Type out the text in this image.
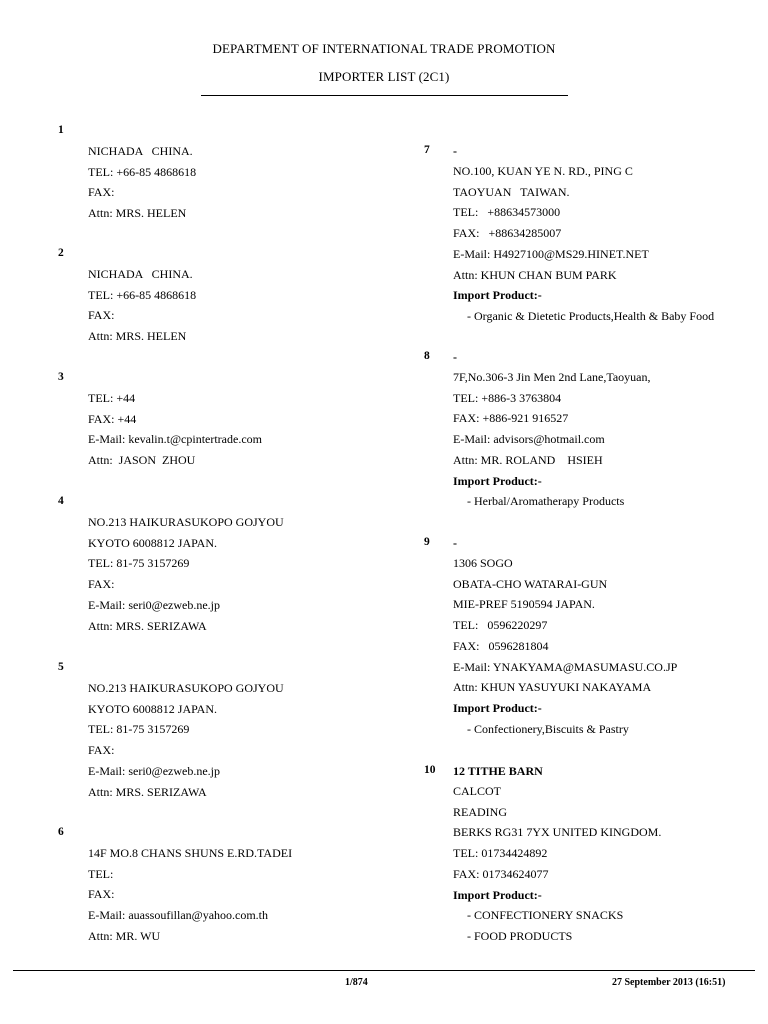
DEPARTMENT OF INTERNATIONAL TRADE PROMOTION
IMPORTER LIST (2C1)
1
NICHADA   CHINA.
TEL: +66-85 4868618
FAX:
Attn: MRS. HELEN
2
NICHADA   CHINA.
TEL: +66-85 4868618
FAX:
Attn: MRS. HELEN
3
TEL: +44
FAX: +44
E-Mail: kevalin.t@cpintertrade.com
Attn:  JASON  ZHOU
4
NO.213 HAIKURASUKOPO GOJYOU
KYOTO 6008812 JAPAN.
TEL: 81-75 3157269
FAX:
E-Mail: seri0@ezweb.ne.jp
Attn: MRS. SERIZAWA
5
NO.213 HAIKURASUKOPO GOJYOU
KYOTO 6008812 JAPAN.
TEL: 81-75 3157269
FAX:
E-Mail: seri0@ezweb.ne.jp
Attn: MRS. SERIZAWA
6
14F MO.8 CHANS SHUNS E.RD.TADEI
TEL:
FAX:
E-Mail: auassoufillan@yahoo.com.th
Attn: MR. WU
7 -
NO.100, KUAN YE N. RD., PING C
TAOYUAN   TAIWAN.
TEL:   +88634573000
FAX:   +88634285007
E-Mail: H4927100@MS29.HINET.NET
Attn: KHUN CHAN BUM PARK
Import Product:-
- Organic & Dietetic Products,Health & Baby Food
8 -
7F,No.306-3 Jin Men 2nd Lane,Taoyuan,
TEL: +886-3 3763804
FAX: +886-921 916527
E-Mail: advisors@hotmail.com
Attn: MR. ROLAND    HSIEH
Import Product:-
- Herbal/Aromatherapy Products
9 -
1306 SOGO
OBATA-CHO WATARAI-GUN
MIE-PREF 5190594 JAPAN.
TEL:   0596220297
FAX:   0596281804
E-Mail: YNAKYAMA@MASUMASU.CO.JP
Attn: KHUN YASUYUKI NAKAYAMA
Import Product:-
- Confectionery,Biscuits & Pastry
10 12 TITHE BARN
CALCOT
READING
BERKS RG31 7YX UNITED KINGDOM.
TEL: 01734424892
FAX: 01734624077
Import Product:-
- CONFECTIONERY SNACKS
- FOOD PRODUCTS
1/874	27 September 2013 (16:51)
